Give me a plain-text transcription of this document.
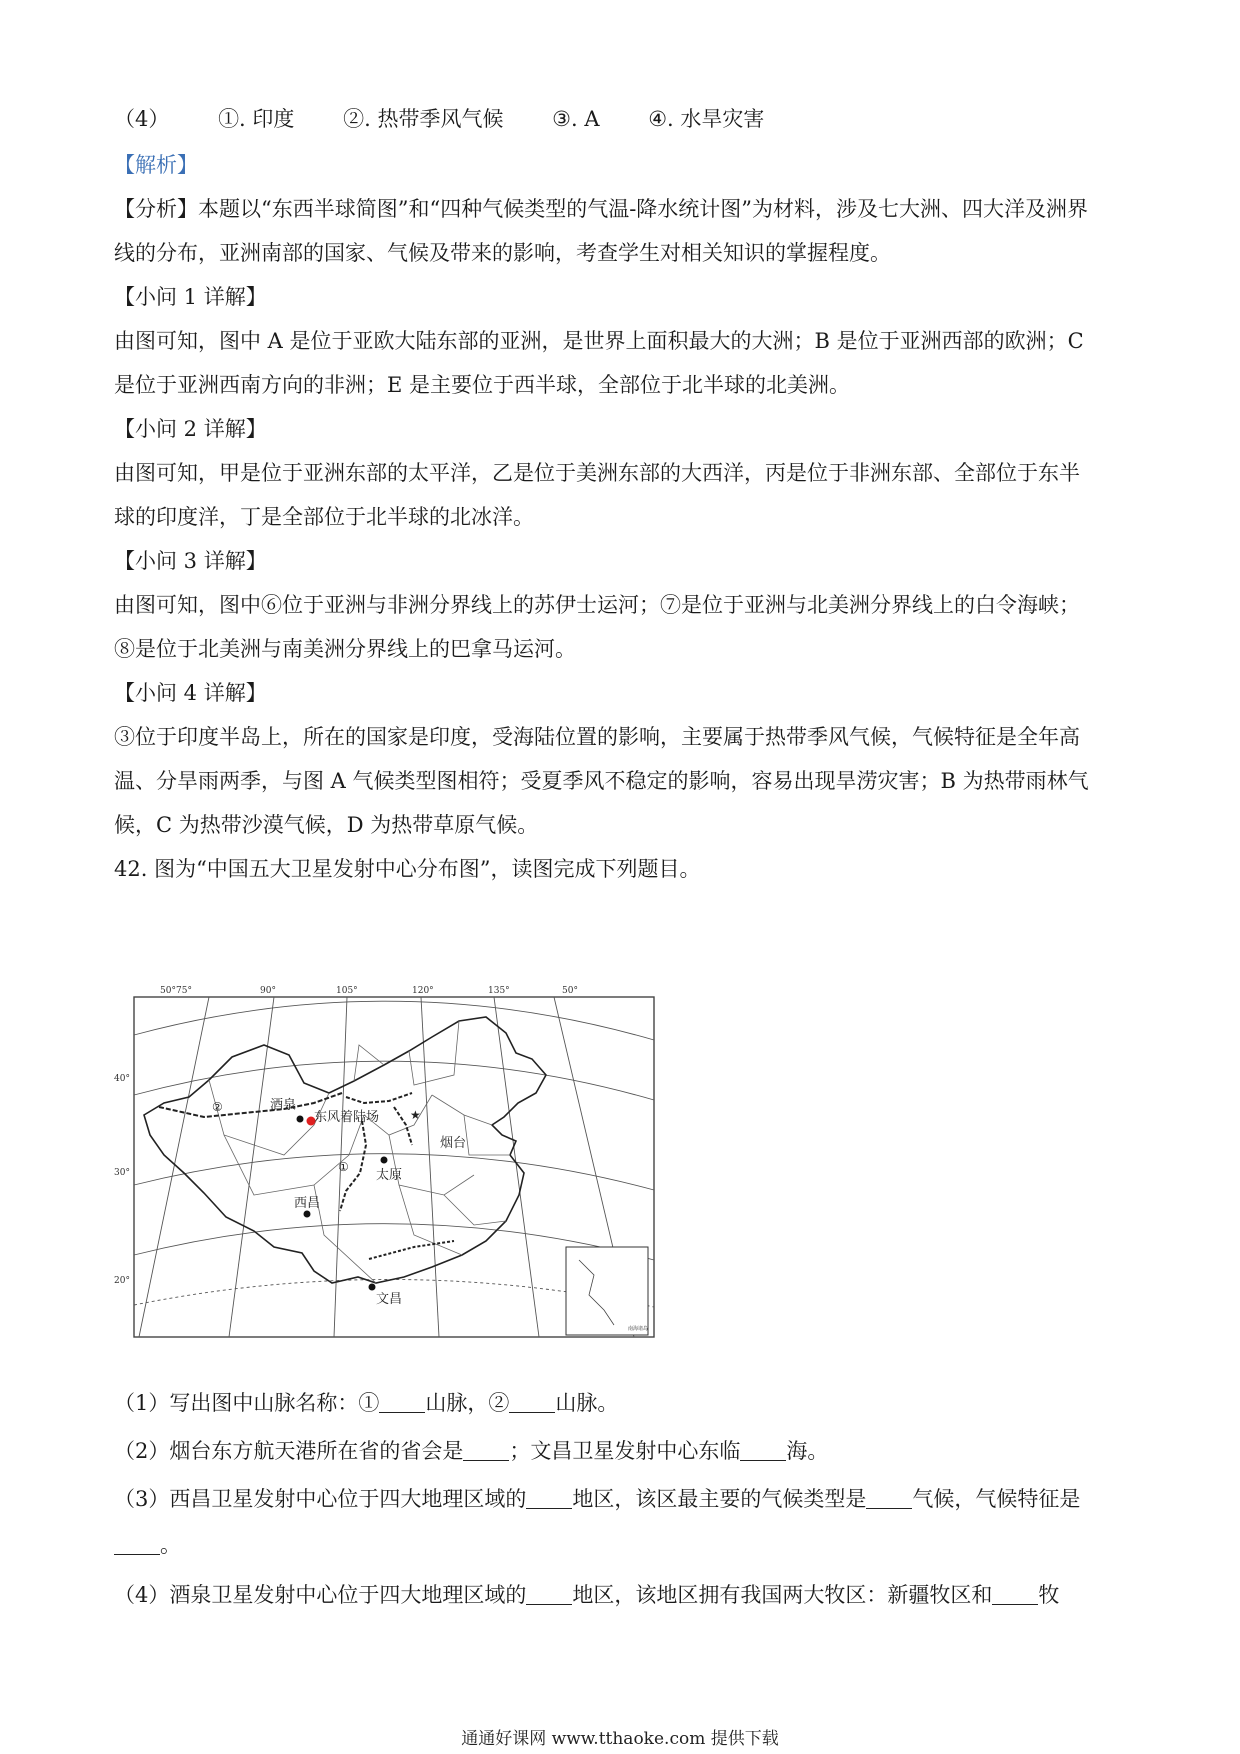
（4） ①. 印度 ②. 热带季风气候 ③. A ④. 水旱灾害
【解析】
【分析】本题以“东西半球简图”和“四种气候类型的气温-降水统计图”为材料，涉及七大洲、四大洋及洲界
线的分布，亚洲南部的国家、气候及带来的影响，考查学生对相关知识的掌握程度。
【小问 1 详解】
由图可知，图中 A 是位于亚欧大陆东部的亚洲，是世界上面积最大的大洲；B 是位于亚洲西部的欧洲；C
是位于亚洲西南方向的非洲；E 是主要位于西半球，全部位于北半球的北美洲。
【小问 2 详解】
由图可知，甲是位于亚洲东部的太平洋，乙是位于美洲东部的大西洋，丙是位于非洲东部、全部位于东半
球的印度洋，丁是全部位于北半球的北冰洋。
【小问 3 详解】
由图可知，图中⑥位于亚洲与非洲分界线上的苏伊士运河；⑦是位于亚洲与北美洲分界线上的白令海峡；
⑧是位于北美洲与南美洲分界线上的巴拿马运河。
【小问 4 详解】
③位于印度半岛上，所在的国家是印度，受海陆位置的影响，主要属于热带季风气候，气候特征是全年高
温、分旱雨两季，与图 A 气候类型图相符；受夏季风不稳定的影响，容易出现旱涝灾害；B 为热带雨林气
候，C 为热带沙漠气候，D 为热带草原气候。
42. 图为“中国五大卫星发射中心分布图”，读图完成下列题目。
南海诸岛
50° 75°	90°	105°	120°	135°	50°
40°
30°
20°
酒泉
东风着陆场
太原
★
烟台
西昌
文昌
①
②
（1）写出图中山脉名称：① 山脉，② 山脉。
（2）烟台东方航天港所在省的省会是 ；文昌卫星发射中心东临 海。
（3）西昌卫星发射中心位于四大地理区域的 地区，该区最主要的气候类型是 气候，气候特征是
。
（4）酒泉卫星发射中心位于四大地理区域的 地区，该地区拥有我国两大牧区：新疆牧区和 牧
通通好课网 www.tthaoke.com 提供下载
